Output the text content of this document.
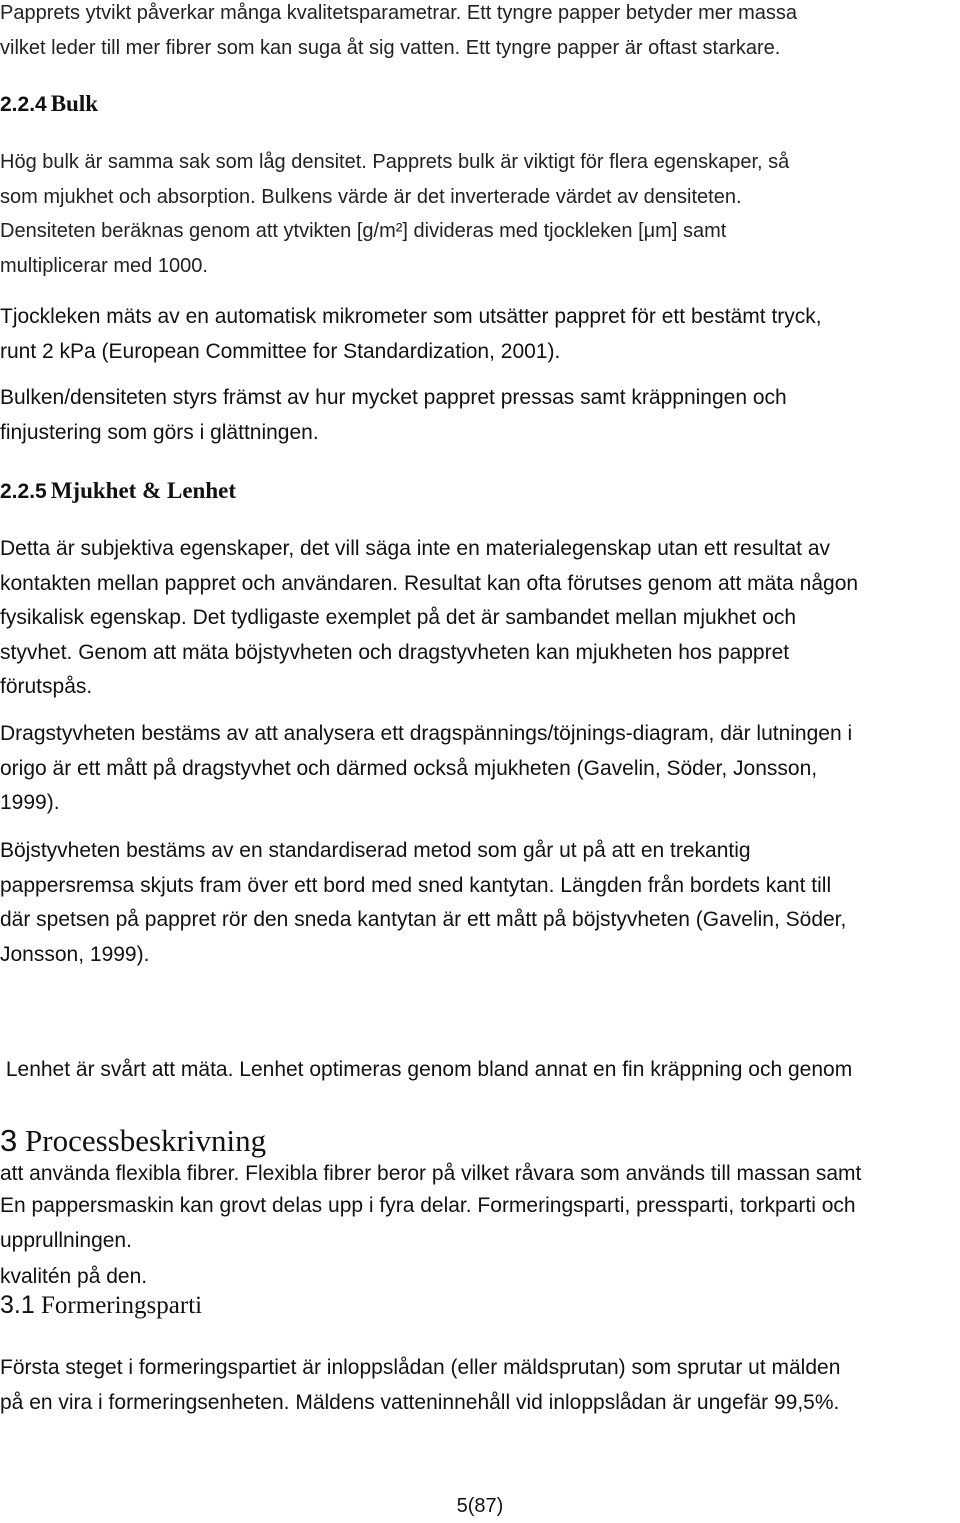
Papprets ytvikt påverkar många kvalitetsparametrar. Ett tyngre papper betyder mer massa
vilket leder till mer fibrer som kan suga åt sig vatten. Ett tyngre papper är oftast starkare.
2.2.4 Bulk
Hög bulk är samma sak som låg densitet. Papprets bulk är viktigt för flera egenskaper, så
som mjukhet och absorption. Bulkens värde är det inverterade värdet av densiteten.
Densiteten beräknas genom att ytvikten [g/m²] divideras med tjockleken [μm] samt
multiplicerar med 1000.
Tjockleken mäts av en automatisk mikrometer som utsätter pappret för ett bestämt tryck,
runt 2 kPa (European Committee for Standardization, 2001).
Bulken/densiteten styrs främst av hur mycket pappret pressas samt kräppningen och
finjustering som görs i glättningen.
2.2.5 Mjukhet & Lenhet
Detta är subjektiva egenskaper, det vill säga inte en materialegenskap utan ett resultat av
kontakten mellan pappret och användaren. Resultat kan ofta förutses genom att mäta någon
fysikalisk egenskap. Det tydligaste exemplet på det är sambandet mellan mjukhet och
styvhet. Genom att mäta böjstyvheten och dragstyvheten kan mjukheten hos pappret
förutspås.
Dragstyvheten bestäms av att analysera ett dragspännings/töjnings-diagram, där lutningen i
origo är ett mått på dragstyvhet och därmed också mjukheten (Gavelin, Söder, Jonsson,
1999).
Böjstyvheten bestäms av en standardiserad metod som går ut på att en trekantig
pappersremsa skjuts fram över ett bord med sned kantytan. Längden från bordets kant till
där spetsen på pappret rör den sneda kantytan är ett mått på böjstyvheten (Gavelin, Söder,
Jonsson, 1999).

Lenhet är svårt att mäta. Lenhet optimeras genom bland annat en fin kräppning och genom

att använda flexibla fibrer. Flexibla fibrer beror på vilket råvara som används till massan samt

kvalitén på den.

3 Processbeskrivning
En pappersmaskin kan grovt delas upp i fyra delar. Formeringsparti, pressparti, torkparti och
upprullningen.
3.1 Formeringsparti
Första steget i formeringspartiet är inloppslådan (eller mäldsprutan) som sprutar ut mälden
på en vira i formeringsenheten. Mäldens vatteninnehåll vid inloppslådan är ungefär 99,5%.
5(87)
